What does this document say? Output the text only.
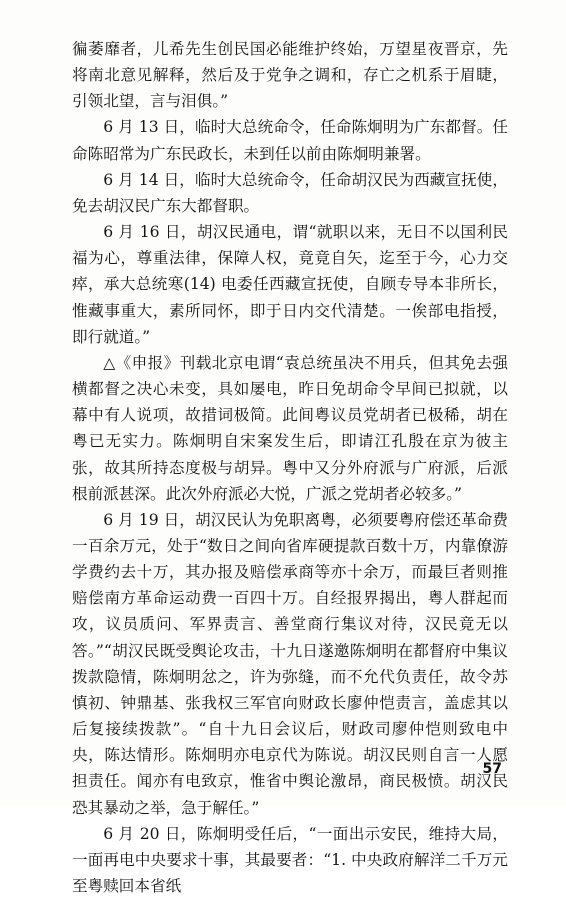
徧萎靡者，儿希先生创民国必能维护终始，万望星夜晋京，先将南北意见解释，然后及于党争之调和，存亡之机系于眉睫，引领北望，言与泪俱。”

6 月 13 日，临时大总统命令，任命陈炯明为广东都督。任命陈昭常为广东民政长，未到任以前由陈炯明兼署。

6 月 14 日，临时大总统命令，任命胡汉民为西藏宣抚使，免去胡汉民广东大都督职。

6 月 16 日，胡汉民通电，谓“就职以来，无日不以国利民福为心，尊重法律，保障人权，竟竟自矢，迄至于今，心力交瘁，承大总统寒(14) 电委任西藏宣抚使，自顾专导本非所长，惟藏事重大，素所同怀，即于日内交代清楚。一俟部电指授，即行就道。”

△《申报》刊载北京电谓“袁总统虽决不用兵，但其免去强横都督之决心未变，具如屡电，昨日免胡命令早间已拟就，以幕中有人说项，故措词极简。此间粤议员党胡者已极稀，胡在粤已无实力。陈炯明自宋案发生后，即请江孔殷在京为彼主张，故其所持态度极与胡异。粤中又分外府派与广府派，后派根前派甚深。此次外府派必大悦，广派之党胡者必较多。”

6 月 19 日，胡汉民认为免职离粤，必须要粤府偿还革命费一百余万元，处于“数日之间向省库硬提款百数十万，内靠僚游学费约去十万，其办报及赔偿承商等亦十余万，而最巨者则推赔偿南方革命运动费一百四十万。自经报界揭出，粤人群起而攻，议员质问、军界责言、善堂商行集议对待，汉民竟无以答。”“胡汉民既受舆论攻击，十九日遂邀陈炯明在都督府中集议拨款隐情，陈炯明忿之，许为弥缝，而不允代负责任，故令苏慎初、钟鼎基、张我权三军官向财政长廖仲恺责言，盖虑其以后复接续拨款”。“自十九日会议后，财政司廖仲恺则致电中央，陈达情形。陈炯明亦电京代为陈说。胡汉民则自言一人愿担责任。闻亦有电致京，惟省中舆论激昂，商民极愤。胡汉民恐其暴动之举，急于解任。”

6 月 20 日，陈炯明受任后，“一面出示安民，维持大局，一面再电中央要求十事，其最要者：“1. 中央政府解洋二千万元至粤赎回本省纸

57
